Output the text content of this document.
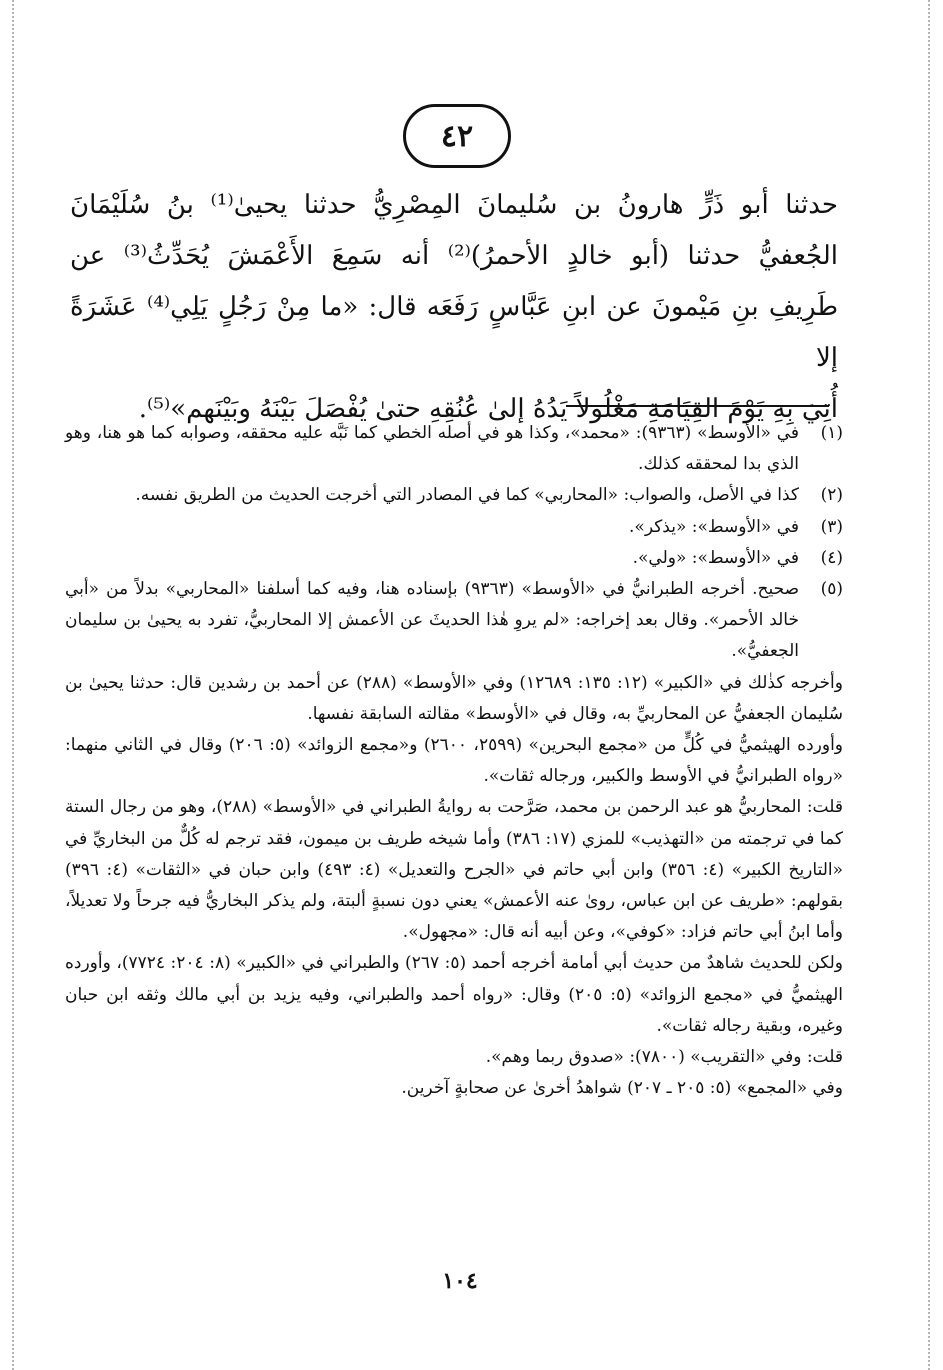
٤٢

حدثنا أبو ذَرٍّ هارونُ بن سُليمانَ المِصْرِيُّ حدثنا يحيىٰ⁽¹⁾ بنُ سُلَيْمَانَ

الجُعفيُّ حدثنا (أبو خالدٍ الأحمرُ)⁽²⁾ أنه سَمِعَ الأَعْمَشَ يُحَدِّثُ⁽³⁾ عن

طَرِيفِ بنِ مَيْمونَ عن ابنِ عَبَّاسٍ رَفَعَه قال: «ما مِنْ رَجُلٍ يَلِي⁽⁴⁾ عَشَرَةً إلا

أُتِيَ بِهِ يَوْمَ القِيَامَةِ مَغْلُولاً يَدُهُ إلىٰ عُنُقِهِ حتىٰ يُفْصَلَ بَيْنَهُ وبَيْنَهم»⁽⁵⁾.

(١)

في «الأوسط» (٩٣٦٣): «محمد»، وكذا هو في أصله الخطي كما نَبَّه عليه محققه، وصوابه كما هو هنا، وهو الذي بدا لمحققه كذلك.

(٢)

كذا في الأصل، والصواب: «المحاربي» كما في المصادر التي أخرجت الحديث من الطريق نفسه.

(٣)

في «الأوسط»: «يذكر».

(٤)

في «الأوسط»: «ولي».

(٥)

صحيح. أخرجه الطبرانيُّ في «الأوسط» (٩٣٦٣) بإسناده هنا، وفيه كما أسلفنا «المحاربي» بدلاً من «أبي خالد الأحمر». وقال بعد إخراجه: «لم يروِ هٰذا الحديثَ عن الأعمش إلا المحاربيُّ، تفرد به يحيىٰ بن سليمان الجعفيُّ».

وأخرجه كذٰلك في «الكبير» (١٢: ١٣٥: ١٢٦٨٩) وفي «الأوسط» (٢٨٨) عن أحمد بن رشدين قال: حدثنا يحيىٰ بن سُليمان الجعفيُّ عن المحاربيِّ به، وقال في «الأوسط» مقالته السابقة نفسها.

وأورده الهيثميُّ في كُلٍّ من «مجمع البحرين» (٢٥٩٩، ٢٦٠٠) و«مجمع الزوائد» (٥: ٢٠٦) وقال في الثاني منهما: «رواه الطبرانيُّ في الأوسط والكبير، ورجاله ثقات».

قلت: المحاربيُّ هو عبد الرحمن بن محمد، صَرَّحت به روايةُ الطبراني في «الأوسط» (٢٨٨)، وهو من رجال الستة كما في ترجمته من «التهذيب» للمزي (١٧: ٣٨٦) وأما شيخه طريف بن ميمون، فقد ترجم له كُلٌّ من البخاريِّ في «التاريخ الكبير» (٤: ٣٥٦) وابن أبي حاتم في «الجرح والتعديل» (٤: ٤٩٣) وابن حبان في «الثقات» (٤: ٣٩٦) بقولهم: «طريف عن ابن عباس، روىٰ عنه الأعمش» يعني دون نسبةٍ ألبتة، ولم يذكر البخاريُّ فيه جرحاً ولا تعديلاً، وأما ابنُ أبي حاتم فزاد: «كوفي»، وعن أبيه أنه قال: «مجهول».

ولكن للحديث شاهدٌ من حديث أبي أمامة أخرجه أحمد (٥: ٢٦٧) والطبراني في «الكبير» (٨: ٢٠٤: ٧٧٢٤)، وأورده الهيثميُّ في «مجمع الزوائد» (٥: ٢٠٥) وقال: «رواه أحمد والطبراني، وفيه يزيد بن أبي مالك وثقه ابن حبان وغيره، وبقية رجاله ثقات».

قلت: وفي «التقريب» (٧٨٠٠): «صدوق ربما وهم».

وفي «المجمع» (٥: ٢٠٥ ـ ٢٠٧) شواهدُ أخرىٰ عن صحابةٍ آخرين.

١٠٤
